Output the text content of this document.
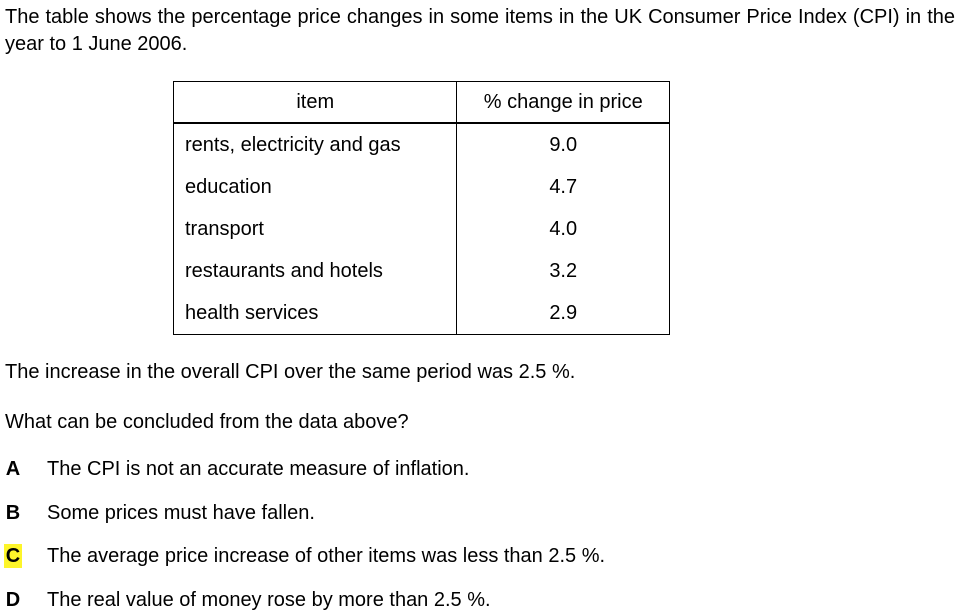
The table shows the percentage price changes in some items in the UK Consumer Price Index (CPI) in the year to 1 June 2006.

item	% change in price
rents, electricity and gas	9.0
education	4.7
transport	4.0
restaurants and hotels	3.2
health services	2.9

The increase in the overall CPI over the same period was 2.5 %.

What can be concluded from the data above?

A The CPI is not an accurate measure of inflation.
B Some prices must have fallen.
C The average price increase of other items was less than 2.5 %.
D The real value of money rose by more than 2.5 %.
